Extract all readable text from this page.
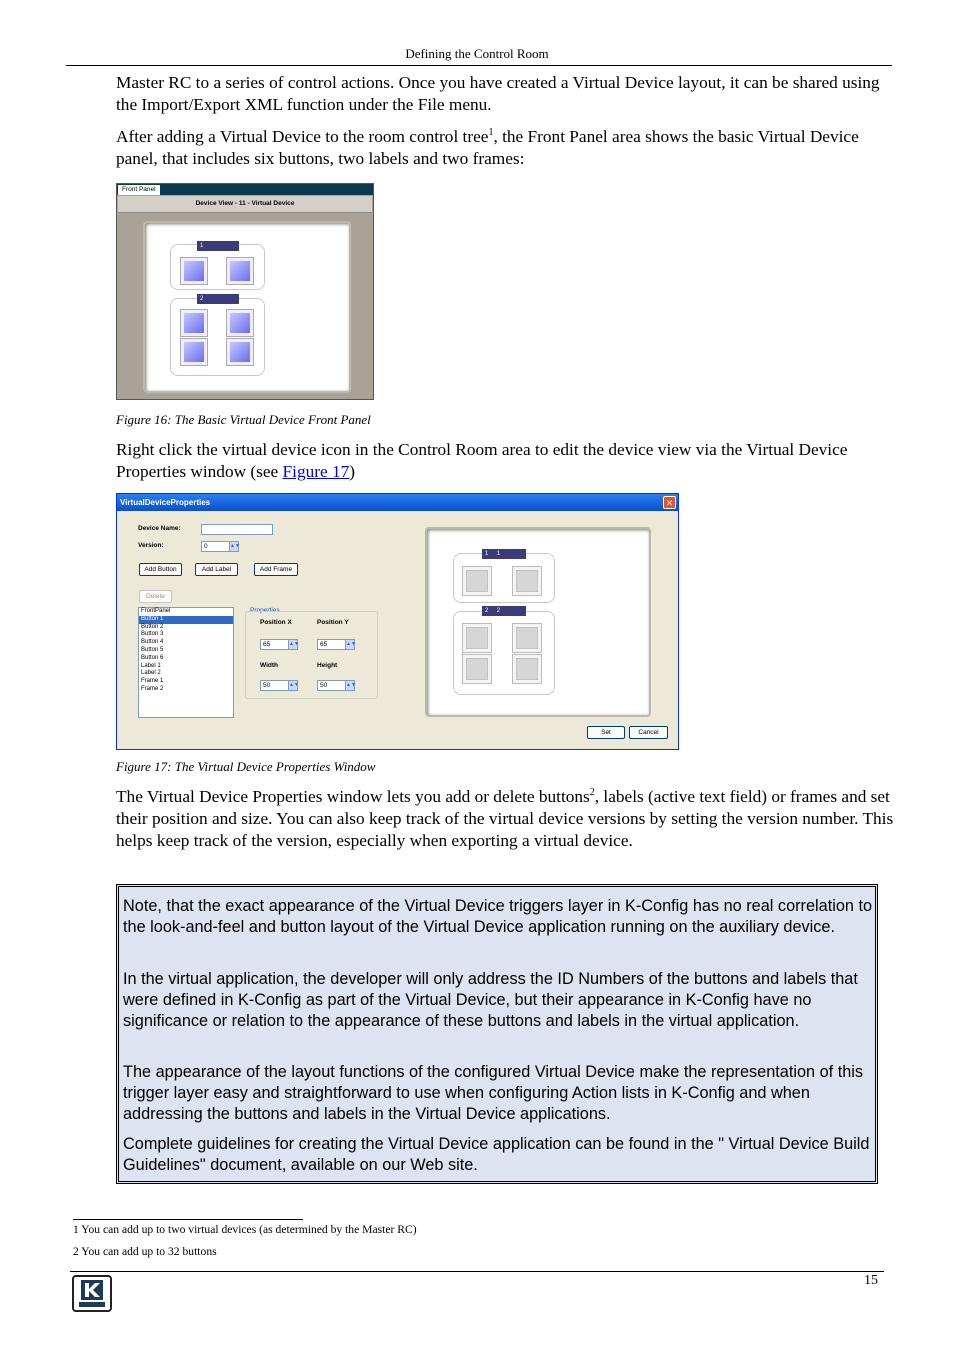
Defining the Control Room
Master RC to a series of control actions. Once you have created a Virtual Device layout, it can be shared using the Import/Export XML function under the File menu.
After adding a Virtual Device to the room control tree$^1$, the Front Panel area shows the basic Virtual Device panel, that includes six buttons, two labels and two frames:
Front Panel
Device View - 11 - Virtual Device
1
2
Figure 16: The Basic Virtual Device Front Panel
Right click the virtual device icon in the Control Room area to edit the device view via the Virtual Device Properties window (see Figure 17)
VirtualDeviceProperties	✕
Device Name:
Version:	0	▲▼
Add Button	Add Label	Add Frame
Delete
FrontPanel
Button 1
Button 2
Button 3
Button 4
Button 5
Button 6
Label 1
Label 2
Frame 1
Frame 2
Properties
Position X	Position Y
65	▲▼	65	▲▼
Width	Height
50	▲▼	50	▲▼
1 1
2 2
Set	Cancel
Figure 17: The Virtual Device Properties Window
The Virtual Device Properties window lets you add or delete buttons$^2$, labels (active text field) or frames and set their position and size. You can also keep track of the virtual device versions by setting the version number. This helps keep track of the version, especially when exporting a virtual device.
Note, that the exact appearance of the Virtual Device triggers layer in K-Config has no real correlation to the look-and-feel and button layout of the Virtual Device application running on the auxiliary device.
In the virtual application, the developer will only address the ID Numbers of the buttons and labels that were defined in K-Config as part of the Virtual Device, but their appearance in K-Config have no significance or relation to the appearance of these buttons and labels in the virtual application.
The appearance of the layout functions of the configured Virtual Device make the representation of this trigger layer easy and straightforward to use when configuring Action lists in K-Config and when addressing the buttons and labels in the Virtual Device applications.
Complete guidelines for creating the Virtual Device application can be found in the " Virtual Device Build Guidelines" document, available on our Web site.
1 You can add up to two virtual devices (as determined by the Master RC)
2 You can add up to 32 buttons
15
